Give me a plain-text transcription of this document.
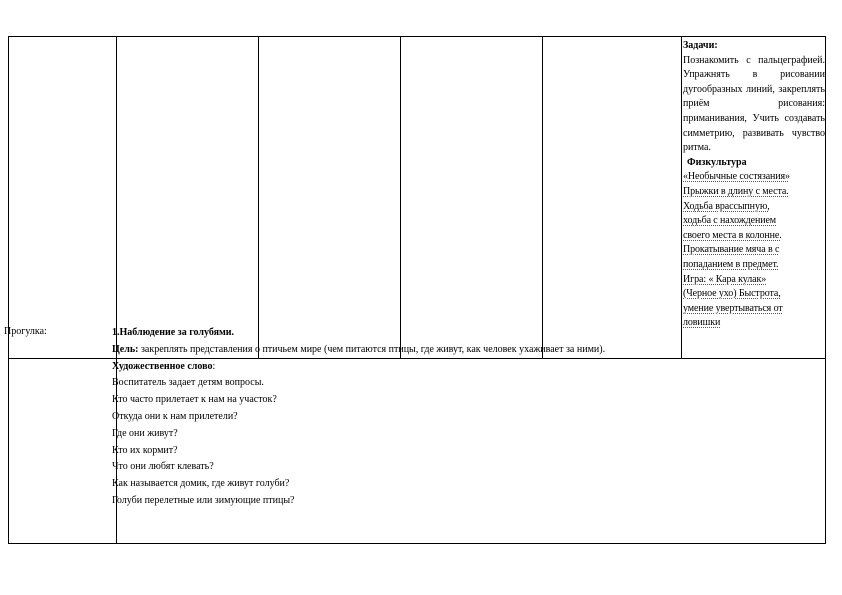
Задачи:
Познакомить с пальцеграфией. Упражнять в рисовании дугообразных линий, закреплять приём рисования: приманивания, Учить создавать симметрию, развивать чувство ритма.
Физкультура
«Необычные состязания»
Прыжки в длину с места.
Ходьба врассыпную,
ходьба с нахождением
своего места в колонне.
Прокатывание мяча в с
попаданием в предмет.
Игра: « Кара кулак»
(Черное ухо) Быстрота,
умение увертываться от
ловишки
Прогулка:	1.Наблюдение за голубями.
Цель: закреплять представления о птичьем мире (чем питаются птицы, где живут, как человек ухаживает за ними).
Художественное слово:
Воспитатель задает детям вопросы.
Кто часто прилетает к нам на участок?
Откуда они к нам прилетели?
Где они живут?
Кто их кормит?
Что они любят клевать?
Как называется домик, где живут голуби?
Голуби перелетные или зимующие птицы?
